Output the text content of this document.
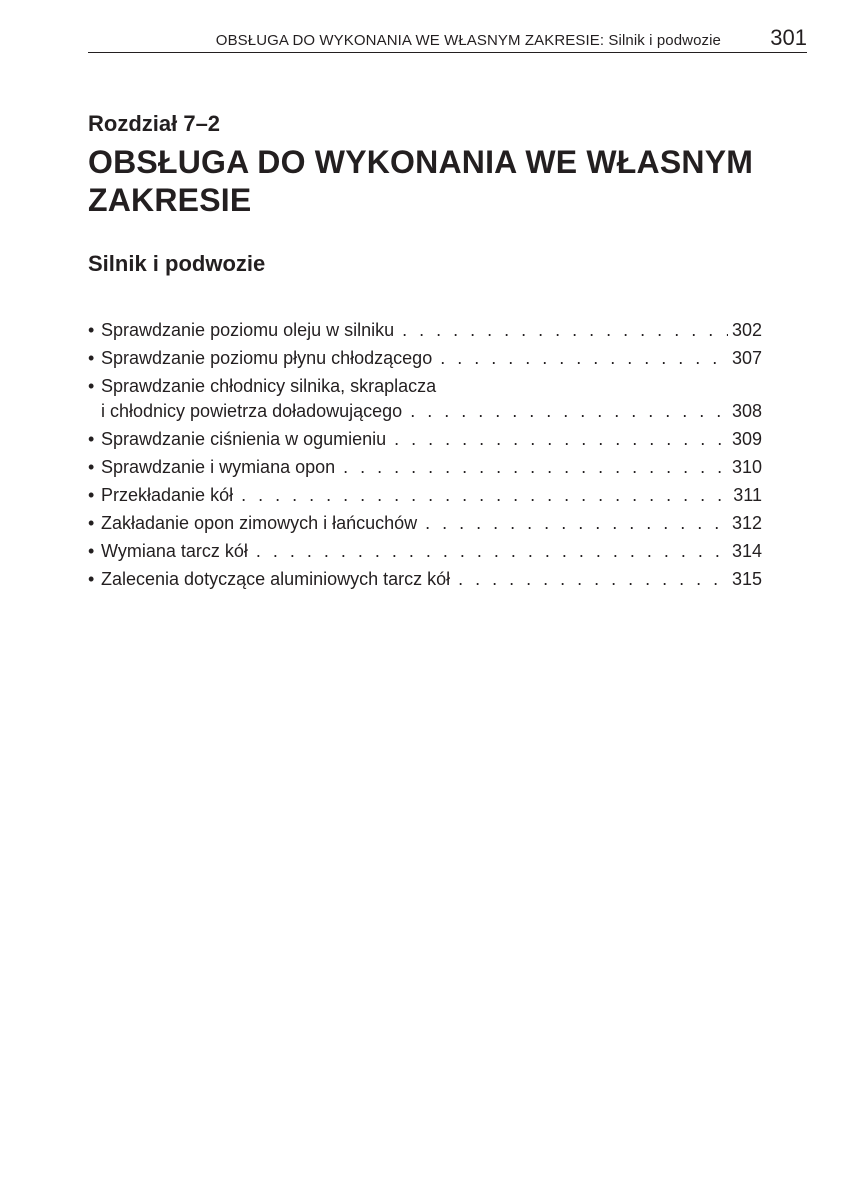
OBSŁUGA DO WYKONANIA WE WŁASNYM ZAKRESIE: Silnik i podwozie 301
Rozdział 7–2
OBSŁUGA DO WYKONANIA WE WŁASNYM ZAKRESIE
Silnik i podwozie
• Sprawdzanie poziomu oleju w silniku . . .	302
• Sprawdzanie poziomu płynu chłodzącego . . .	307
• Sprawdzanie chłodnicy silnika, skraplacza
i chłodnicy powietrza doładowującego . . .	308
• Sprawdzanie ciśnienia w ogumieniu . . .	309
• Sprawdzanie i wymiana opon . . .	310
• Przekładanie kół . . .	311
• Zakładanie opon zimowych i łańcuchów . . .	312
• Wymiana tarcz kół . . .	314
• Zalecenia dotyczące aluminiowych tarcz kół . . .	315
